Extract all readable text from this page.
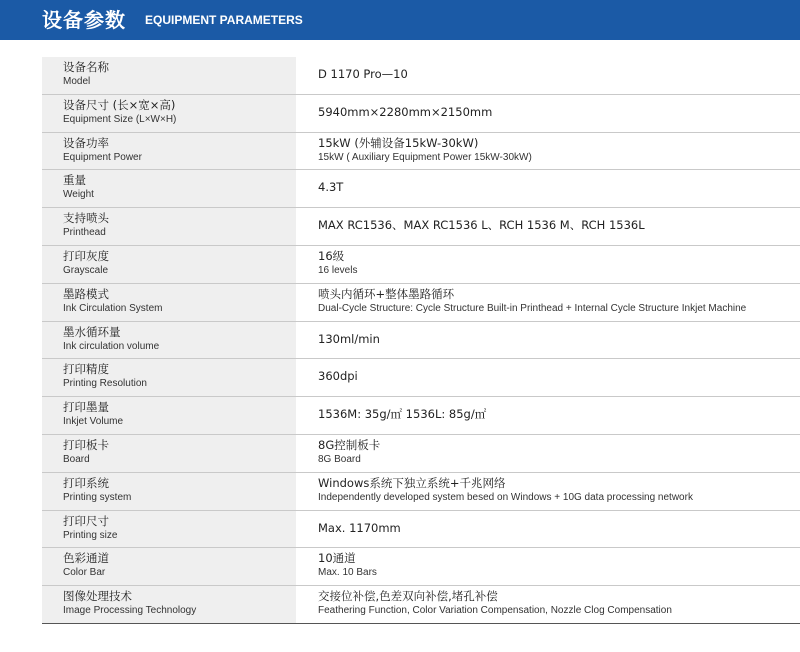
设备参数 EQUIPMENT PARAMETERS
设备名称
Model
D 1170 Pro—10
设备尺寸 (长×宽×高)
Equipment Size (L×W×H)
5940mm×2280mm×2150mm
设备功率
Equipment Power
15kW (外辅设备15kW-30kW)
15kW ( Auxiliary Equipment Power 15kW-30kW)
重量
Weight
4.3T
支持喷头
Printhead
MAX RC1536、MAX RC1536 L、RCH 1536 M、RCH 1536L
打印灰度
Grayscale
16级
16 levels
墨路模式
Ink Circulation System
喷头内循环+整体墨路循环
Dual-Cycle Structure: Cycle Structure Built-in Printhead + Internal Cycle Structure Inkjet Machine
墨水循环量
Ink circulation volume
130ml/min
打印精度
Printing Resolution
360dpi
打印墨量
Inkjet Volume
1536M: 35g/㎡ 1536L: 85g/㎡
打印板卡
Board
8G控制板卡
8G Board
打印系统
Printing system
Windows系统下独立系统+千兆网络
Independently developed system besed on Windows + 10G data processing network
打印尺寸
Printing size
Max. 1170mm
色彩通道
Color Bar
10通道
Max. 10 Bars
图像处理技术
Image Processing Technology
交接位补偿,色差双向补偿,堵孔补偿
Feathering Function, Color Variation Compensation, Nozzle Clog Compensation
